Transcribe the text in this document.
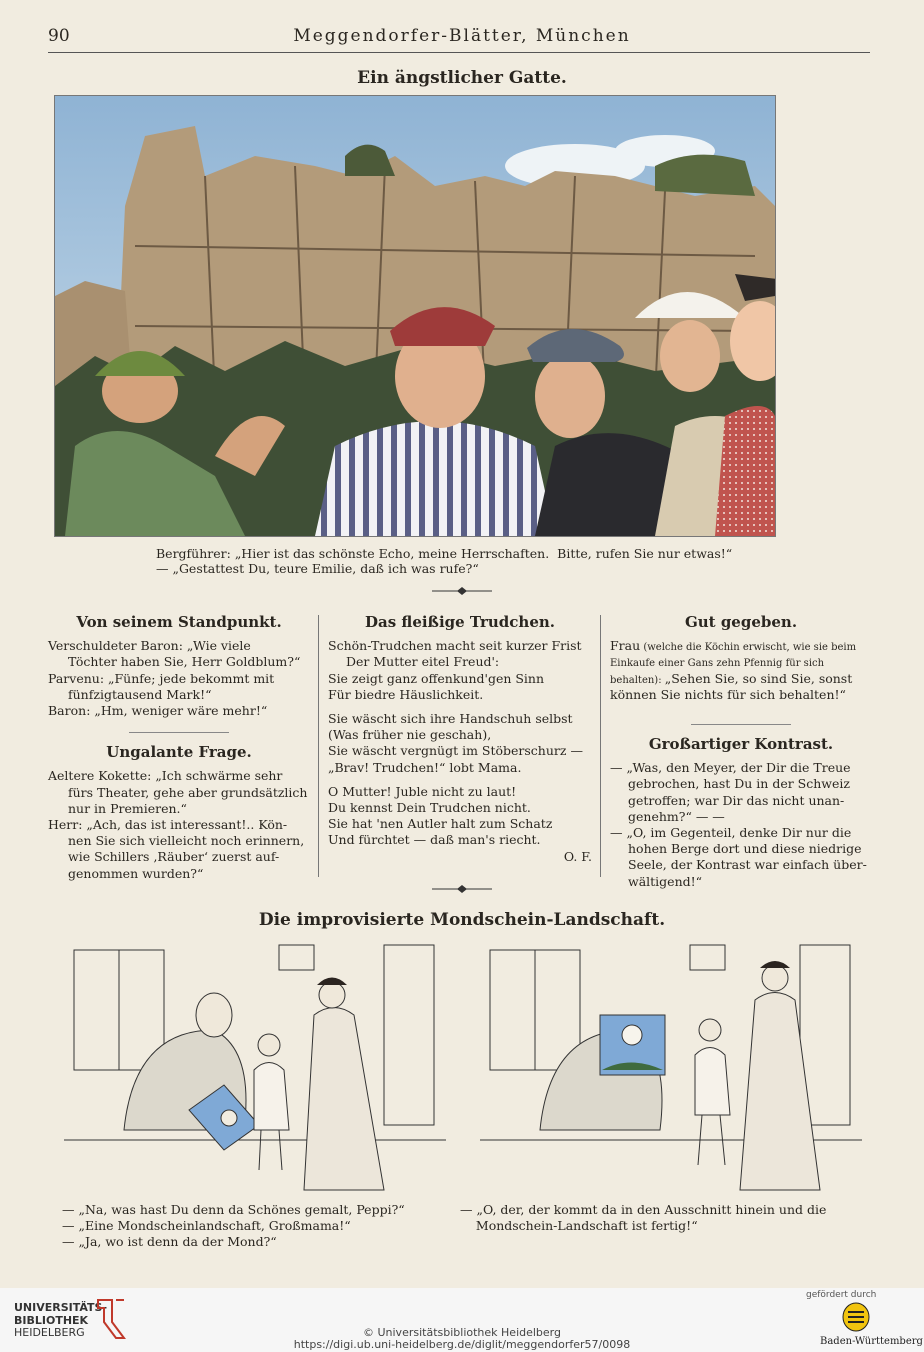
90	Meggendorfer-Blätter, München
Ein ängstlicher Gatte.
Bergführer: „Hier ist das schönste Echo, meine Herrschaften.  Bitte, rufen Sie nur etwas!“
— „Gestattest Du, teure Emilie, daß ich was rufe?“
Von seinem Standpunkt.

Verschuldeter Baron: „Wie viele

Töchter haben Sie, Herr Goldblum?“

Parvenu: „Fünfe; jede bekommt mit

fünfzigtausend Mark!“

Baron: „Hm, weniger wäre mehr!“

Ungalante Frage.

Aeltere Kokette: „Ich schwärme sehr

fürs Theater, gehe aber grundsätzlich

nur in Premieren.“

Herr: „Ach, das ist interessant!.. Kön-

nen Sie sich vielleicht noch erinnern,

wie Schillers ‚Räuber‘ zuerst auf-

genommen wurden?“

Das fleißige Trudchen.

Schön-Trudchen macht seit kurzer Frist

Der Mutter eitel Freud':

Sie zeigt ganz offenkund'gen Sinn

Für biedre Häuslichkeit.

Sie wäscht sich ihre Handschuh selbst

(Was früher nie geschah),

Sie wäscht vergnügt im Stöberschurz —

„Brav! Trudchen!“ lobt Mama.

O Mutter! Juble nicht zu laut!

Du kennst Dein Trudchen nicht.

Sie hat 'nen Autler halt zum Schatz

Und fürchtet — daß man's riecht.

O. F.

Gut gegeben.

Frau (welche die Köchin erwischt, wie sie beim Einkaufe einer Gans zehn Pfennig für sich behalten): „Sehen Sie, so sind Sie, sonst können Sie nichts für sich behalten!“

Großartiger Kontrast.

— „Was, den Meyer, der Dir die Treue

gebrochen, hast Du in der Schweiz

getroffen; war Dir das nicht unan-

genehm?“ — —

— „O, im Gegenteil, denke Dir nur die

hohen Berge dort und diese niedrige

Seele, der Kontrast war einfach über-

wältigend!“

Die improvisierte Mondschein-Landschaft.
— „Na, was hast Du denn da Schönes gemalt, Peppi?“
— „Eine Mondscheinlandschaft, Großmama!“
— „Ja, wo ist denn da der Mond?“
— „O, der, der kommt da in den Ausschnitt hinein und die
Mondschein-Landschaft ist fertig!“
UNIVERSITÄTS-
BIBLIOTHEK
HEIDELBERG	© Universitätsbibliothek Heidelberg
https://digi.ub.uni-heidelberg.de/diglit/meggendorfer57/0098
gefördert durch
Baden-Württemberg
